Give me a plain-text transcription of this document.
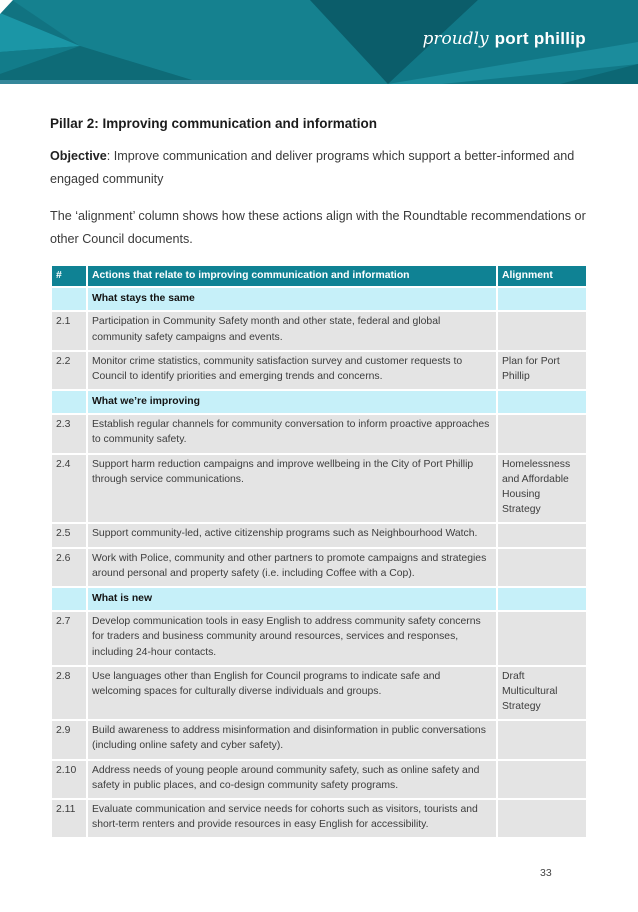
proudly port phillip
Pillar 2: Improving communication and information

Objective: Improve communication and deliver programs which support a better-informed and engaged community

The ‘alignment’ column shows how these actions align with the Roundtable recommendations or other Council documents.

#	Actions that relate to improving communication and information	Alignment
	What stays the same	
2.1	Participation in Community Safety month and other state, federal and global community safety campaigns and events.	
2.2	Monitor crime statistics, community satisfaction survey and customer requests to Council to identify priorities and emerging trends and concerns.	Plan for Port Phillip
	What we’re improving	
2.3	Establish regular channels for community conversation to inform proactive approaches to community safety.	
2.4	Support harm reduction campaigns and improve wellbeing in the City of Port Phillip through service communications.	Homelessness and Affordable Housing Strategy
2.5	Support community-led, active citizenship programs such as Neighbourhood Watch.	
2.6	Work with Police, community and other partners to promote campaigns and strategies around personal and property safety (i.e. including Coffee with a Cop).	
	What is new	
2.7	Develop communication tools in easy English to address community safety concerns for traders and business community around resources, services and responses, including 24-hour contacts.	
2.8	Use languages other than English for Council programs to indicate safe and welcoming spaces for culturally diverse individuals and groups.	Draft Multicultural Strategy
2.9	Build awareness to address misinformation and disinformation in public conversations (including online safety and cyber safety).	
2.10	Address needs of young people around community safety, such as online safety and safety in public places, and co-design community safety programs.	
2.11	Evaluate communication and service needs for cohorts such as visitors, tourists and short-term renters and provide resources in easy English for accessibility.	
33
